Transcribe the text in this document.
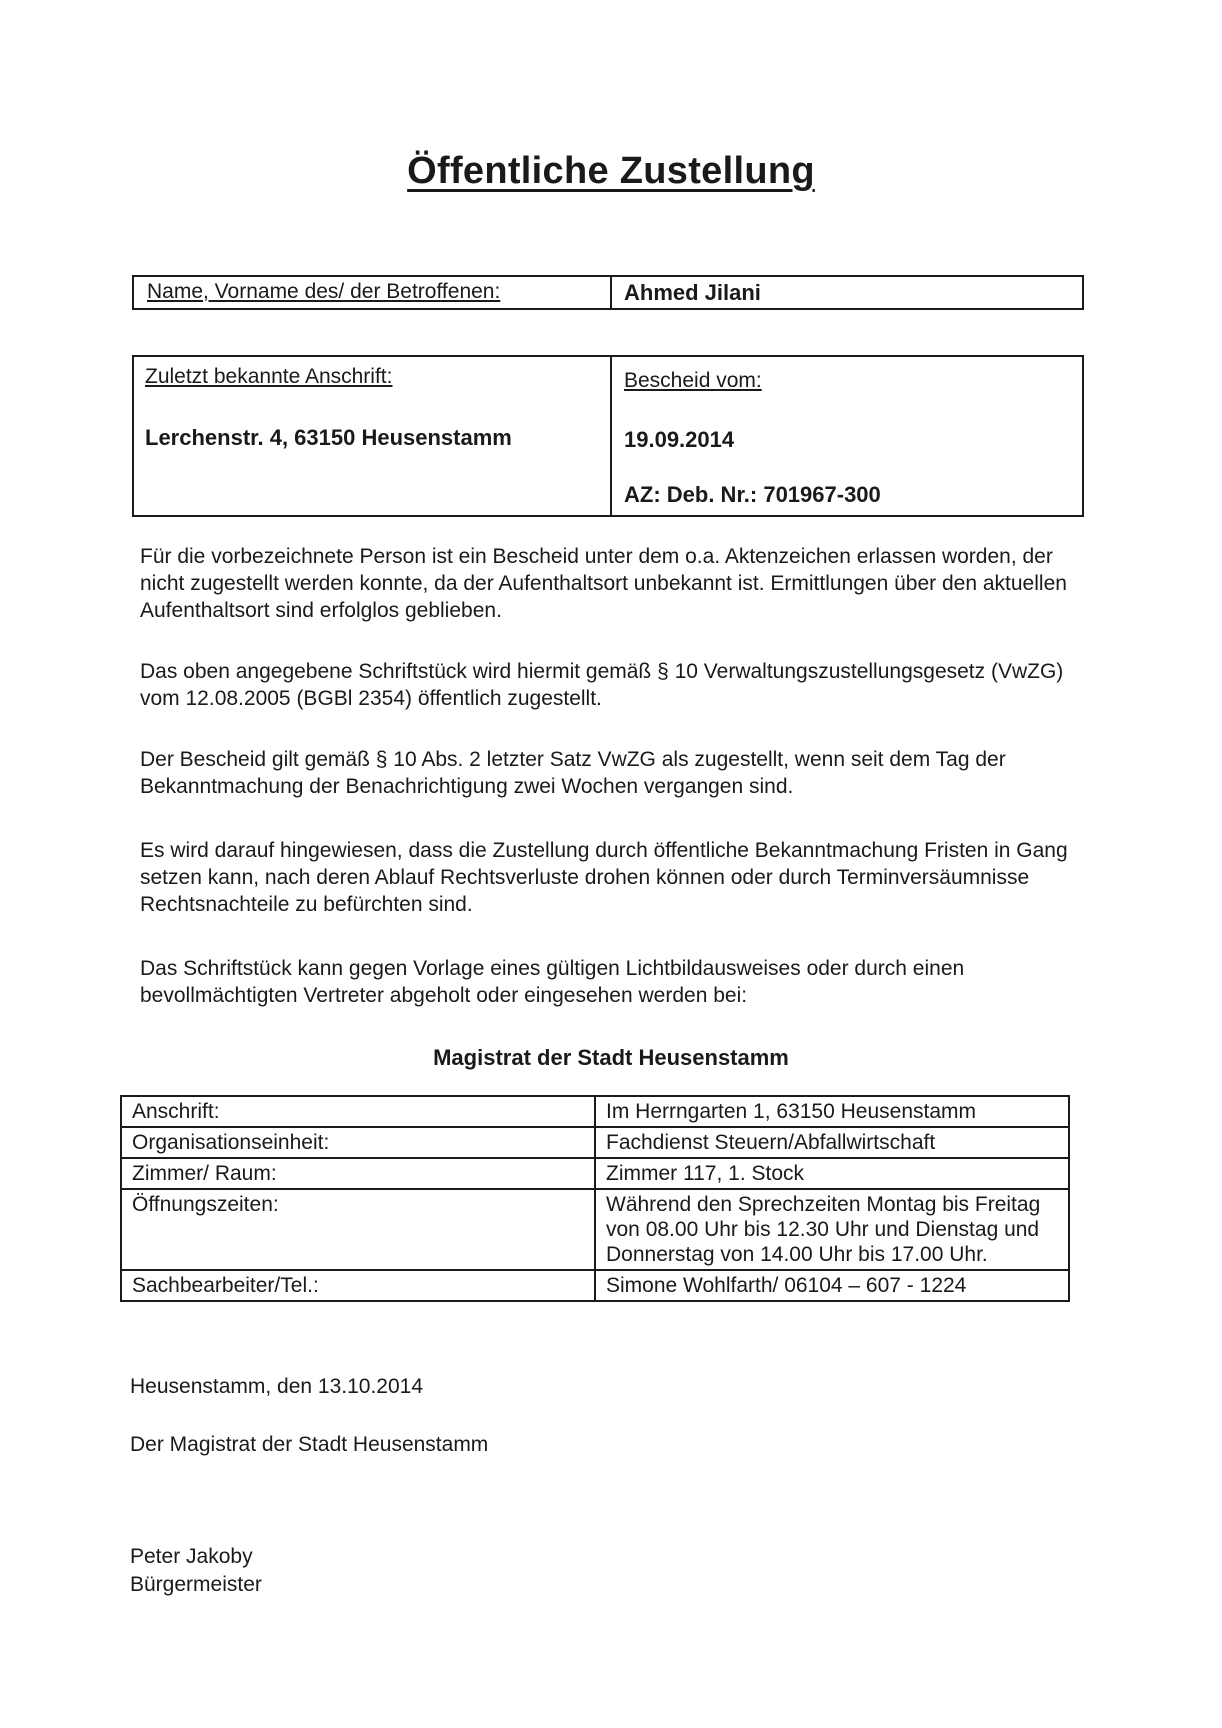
Öffentliche Zustellung
Name, Vorname des/ der Betroffenen:	Ahmed Jilani
Zuletzt bekannte Anschrift:
Lerchenstr. 4, 63150 Heusenstamm
Bescheid vom:
19.09.2014
AZ: Deb. Nr.: 701967-300
Für die vorbezeichnete Person ist ein Bescheid unter dem o.a. Aktenzeichen erlassen worden, der nicht zugestellt werden konnte, da der Aufenthaltsort unbekannt ist. Ermittlungen über den aktuellen Aufenthaltsort sind erfolglos geblieben.
Das oben angegebene Schriftstück wird hiermit gemäß § 10 Verwaltungszustellungsgesetz (VwZG) vom 12.08.2005 (BGBl 2354) öffentlich zugestellt.
Der Bescheid gilt gemäß § 10 Abs. 2 letzter Satz VwZG als zugestellt, wenn seit dem Tag der Bekanntmachung der Benachrichtigung zwei Wochen vergangen sind.
Es wird darauf hingewiesen, dass die Zustellung durch öffentliche Bekanntmachung Fristen in Gang setzen kann, nach deren Ablauf Rechtsverluste drohen können oder durch Terminversäumnisse Rechtsnachteile zu befürchten sind.
Das Schriftstück kann gegen Vorlage eines gültigen Lichtbildausweises oder durch einen bevollmächtigten Vertreter abgeholt oder eingesehen werden bei:
Magistrat der Stadt Heusenstamm
Anschrift:	Im Herrngarten 1, 63150 Heusenstamm
Organisationseinheit:	Fachdienst Steuern/Abfallwirtschaft
Zimmer/ Raum:	Zimmer 117, 1. Stock
Öffnungszeiten:	Während den Sprechzeiten Montag bis Freitag von 08.00 Uhr bis 12.30 Uhr und Dienstag und Donnerstag von 14.00 Uhr bis 17.00 Uhr.
Sachbearbeiter/Tel.:	Simone Wohlfarth/ 06104 – 607 - 1224
Heusenstamm, den 13.10.2014
Der Magistrat der Stadt Heusenstamm
Peter Jakoby
Bürgermeister
